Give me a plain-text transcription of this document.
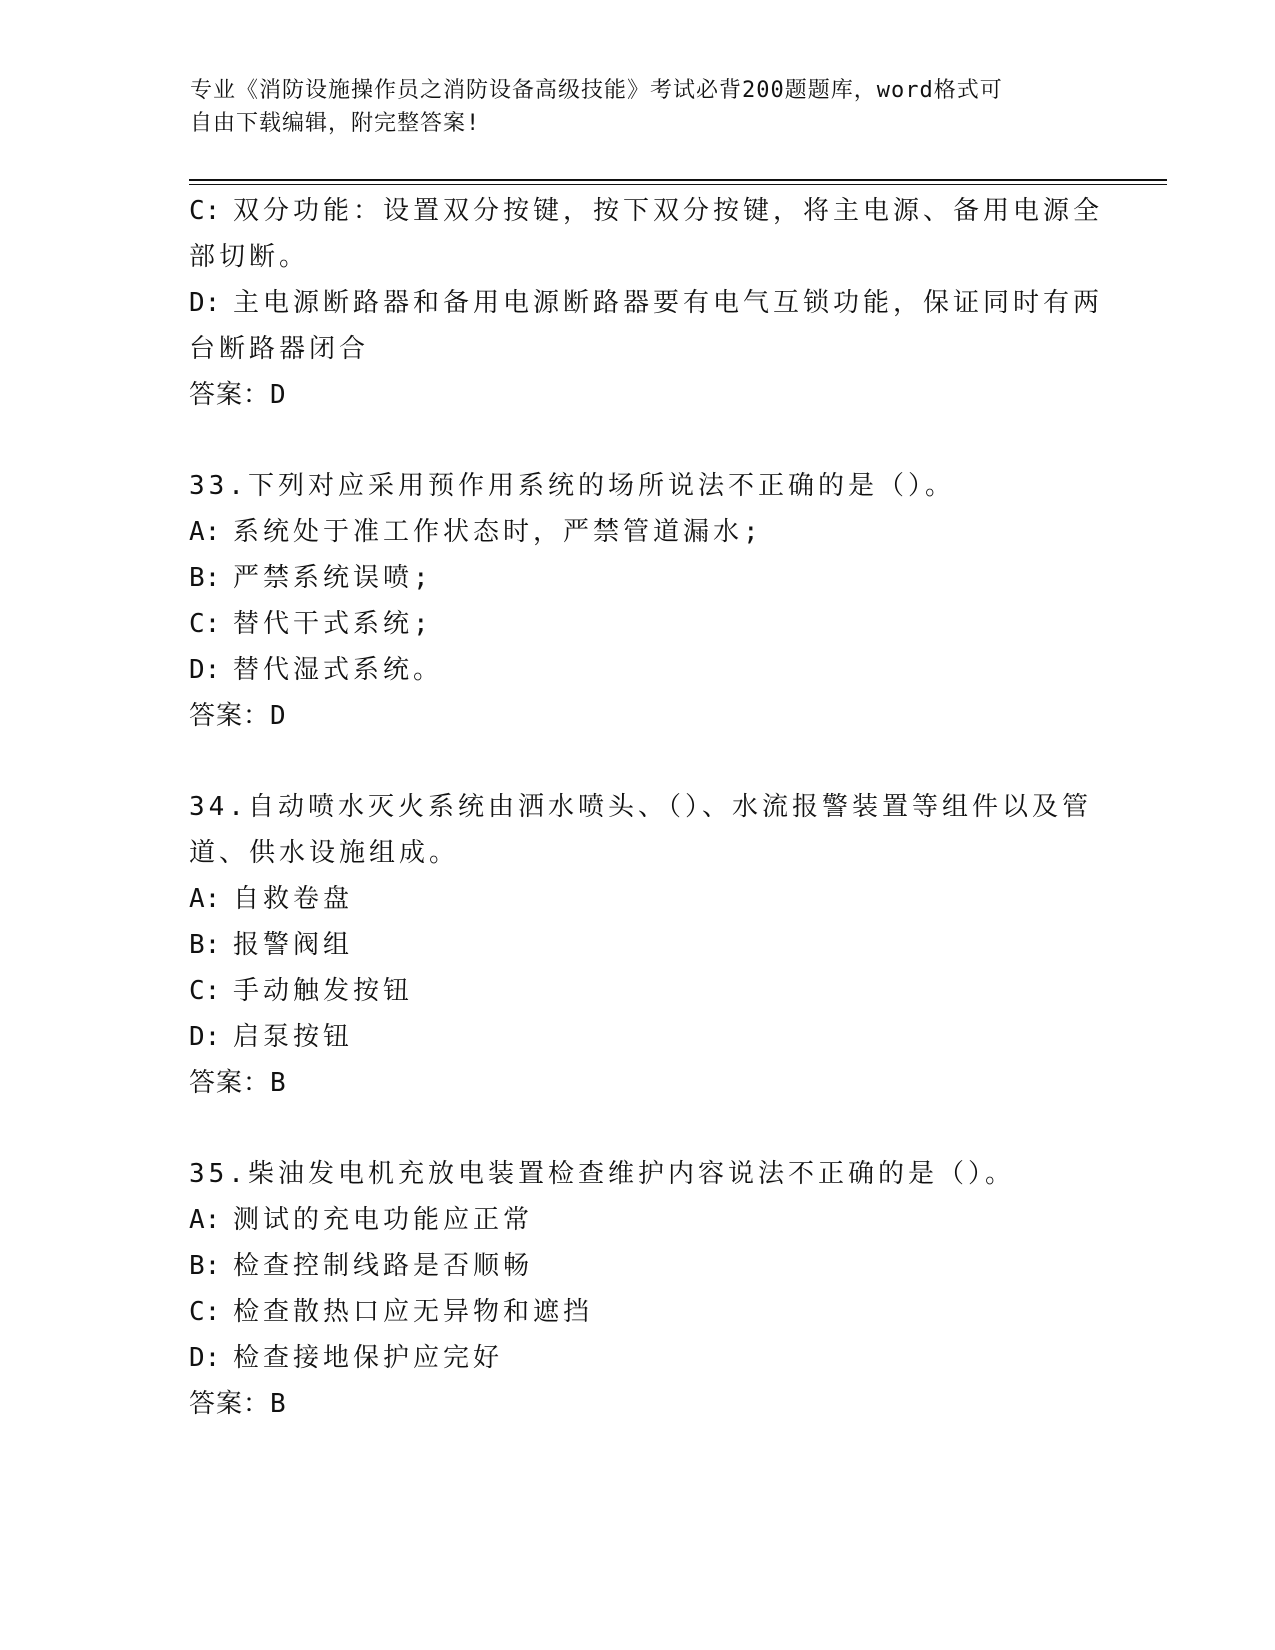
专业《消防设施操作员之消防设备高级技能》考试必背200题题库，word格式可
自由下载编辑，附完整答案!

C: 双分功能：设置双分按键，按下双分按键，将主电源、备用电源全

部切断。

D: 主电源断路器和备用电源断路器要有电气互锁功能，保证同时有两

台断路器闭合

答案：D

33.下列对应采用预作用系统的场所说法不正确的是（）。

A: 系统处于准工作状态时，严禁管道漏水;

B: 严禁系统误喷;

C: 替代干式系统;

D: 替代湿式系统。

答案：D

34.自动喷水灭火系统由洒水喷头、（）、水流报警装置等组件以及管

道、供水设施组成。

A: 自救卷盘

B: 报警阀组

C: 手动触发按钮

D: 启泵按钮

答案：B

35.柴油发电机充放电装置检查维护内容说法不正确的是（）。

A: 测试的充电功能应正常

B: 检查控制线路是否顺畅

C: 检查散热口应无异物和遮挡

D: 检查接地保护应完好

答案：B
